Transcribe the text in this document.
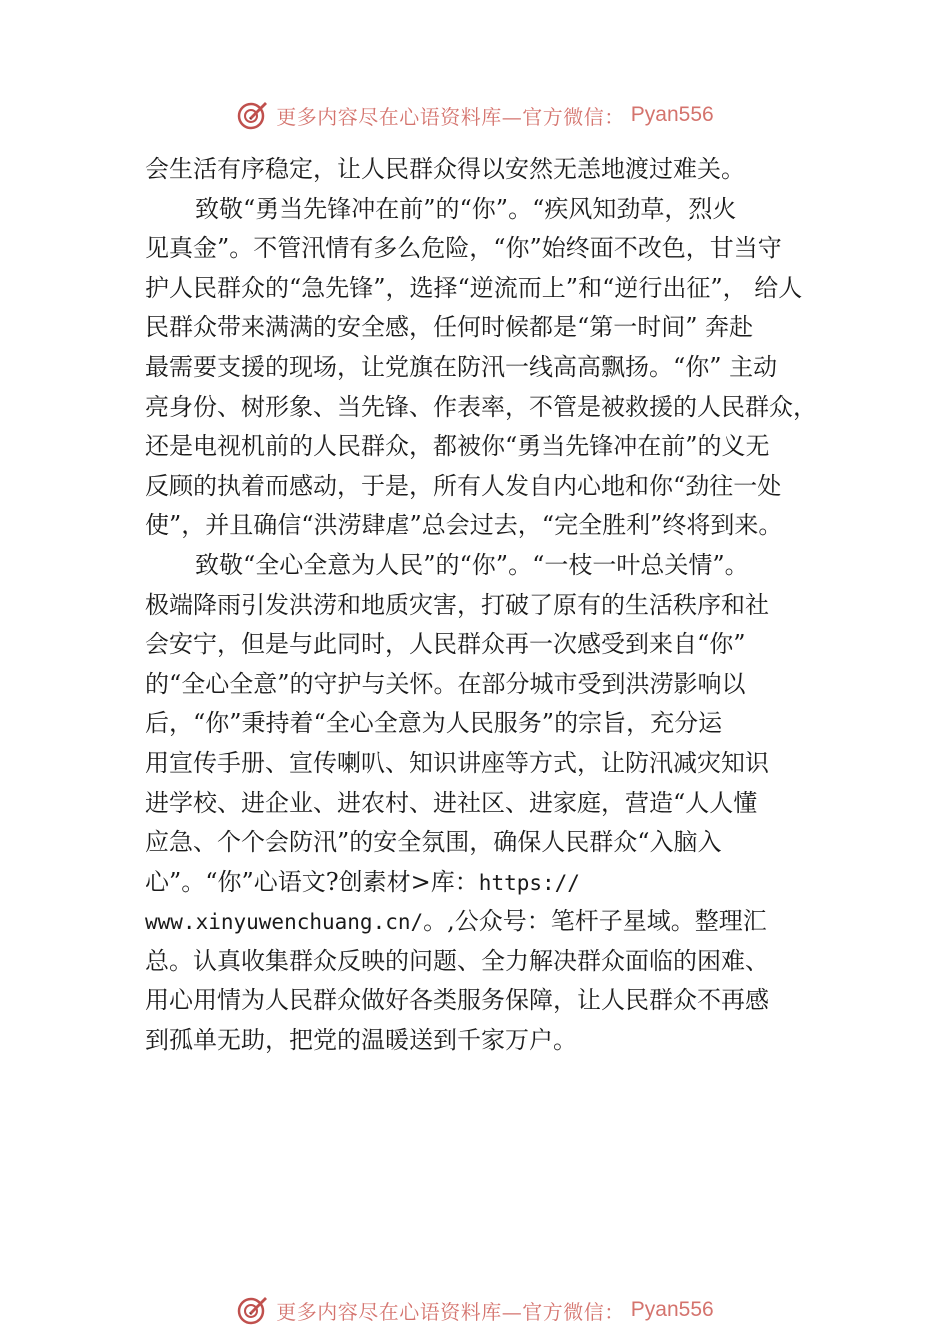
更多内容尽在心语资料库—官方微信： Pyan556
会生活有序稳定，让人民群众得以安然无恙地渡过难关。
致敬“勇当先锋冲在前”的“你”。“疾风知劲草，烈火
见真金”。不管汛情有多么危险，“你”始终面不改色，甘当守
护人民群众的“急先锋”，选择“逆流而上”和“逆行出征”， 给人
民群众带来满满的安全感，任何时候都是“第一时间” 奔赴
最需要支援的现场，让党旗在防汛一线高高飘扬。“你” 主动
亮身份、树形象、当先锋、作表率，不管是被救援的人民群众，
还是电视机前的人民群众，都被你“勇当先锋冲在前”的义无
反顾的执着而感动，于是，所有人发自内心地和你“劲往一处
使”，并且确信“洪涝肆虐”总会过去，“完全胜利”终将到来。
致敬“全心全意为人民”的“你”。“一枝一叶总关情”。
极端降雨引发洪涝和地质灾害，打破了原有的生活秩序和社
会安宁，但是与此同时，人民群众再一次感受到来自“你”
的“全心全意”的守护与关怀。在部分城市受到洪涝影响以
后，“你”秉持着“全心全意为人民服务”的宗旨，充分运
用宣传手册、宣传喇叭、知识讲座等方式，让防汛减灾知识
进学校、进企业、进农村、进社区、进家庭，营造“人人懂
应急、个个会防汛”的安全氛围，确保人民群众“入脑入
心”。“你”心语文?创素材>库：https://
www.xinyuwenchuang.cn/。,公众号：笔杆子星域。整理汇
总。认真收集群众反映的问题、全力解决群众面临的困难、
用心用情为人民群众做好各类服务保障，让人民群众不再感
到孤单无助，把党的温暖送到千家万户。
更多内容尽在心语资料库—官方微信： Pyan556
